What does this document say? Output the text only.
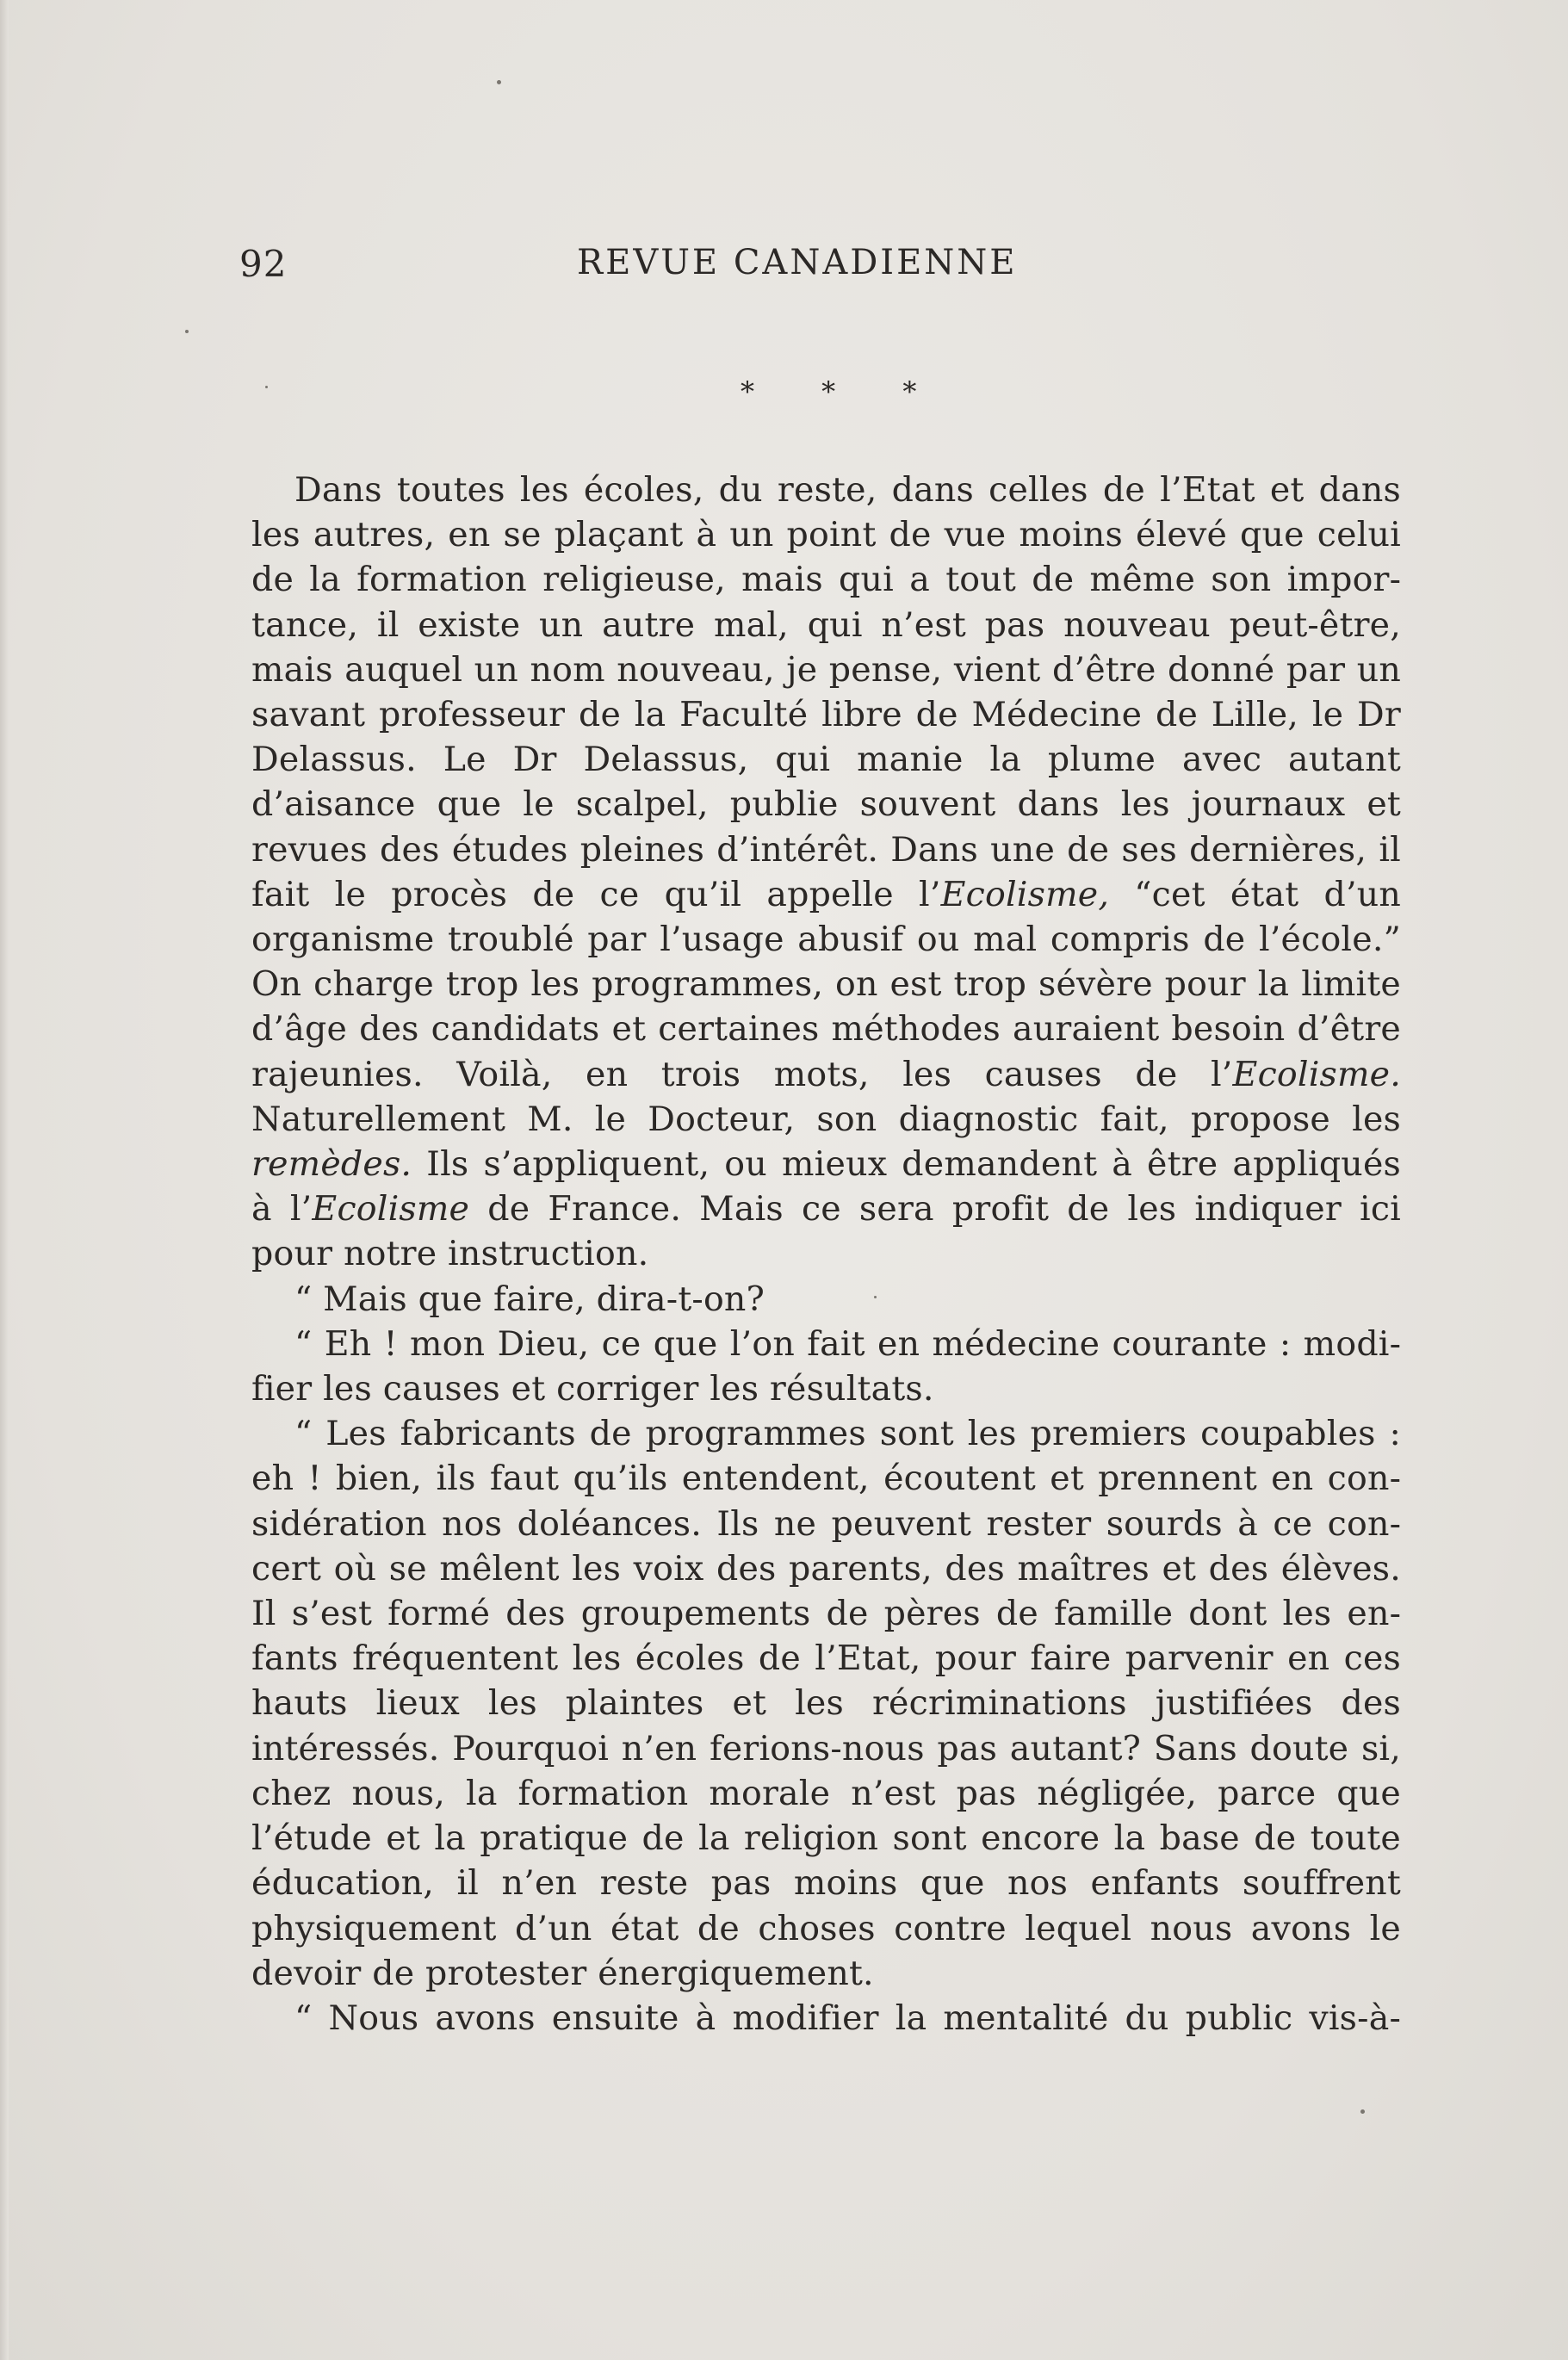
92	REVUE CANADIENNE
* * *

Dans toutes les écoles, du reste, dans celles de l’Etat et dans les autres, en se plaçant à un point de vue moins élevé que celui de la formation religieuse, mais qui a tout de même son importance, il existe un autre mal, qui n’est pas nouveau peut-être, mais auquel un nom nouveau, je pense, vient d’être donné par un savant professeur de la Faculté libre de Médecine de Lille, le Dr Delassus. Le Dr Delassus, qui manie la plume avec autant d’aisance que le scalpel, publie souvent dans les journaux et revues des études pleines d’intérêt. Dans une de ses dernières, il fait le procès de ce qu’il appelle l’Ecolisme, “cet état d’un organisme troublé par l’usage abusif ou mal compris de l’école.” On charge trop les programmes, on est trop sévère pour la limite d’âge des candidats et certaines méthodes auraient besoin d’être rajeunies. Voilà, en trois mots, les causes de l’Ecolisme. Naturellement M. le Docteur, son diagnostic fait, propose les remèdes. Ils s’appliquent, ou mieux demandent à être appliqués à l’Ecolisme de France. Mais ce sera profit de les indiquer ici pour notre instruction.

“ Mais que faire, dira-t-on?

“ Eh ! mon Dieu, ce que l’on fait en médecine courante : modifier les causes et corriger les résultats.

“ Les fabricants de programmes sont les premiers coupables : eh ! bien, ils faut qu’ils entendent, écoutent et prennent en considération nos doléances. Ils ne peuvent rester sourds à ce concert où se mêlent les voix des parents, des maîtres et des élèves. Il s’est formé des groupements de pères de famille dont les enfants fréquentent les écoles de l’Etat, pour faire parvenir en ces hauts lieux les plaintes et les récriminations justifiées des intéressés. Pourquoi n’en ferions-nous pas autant? Sans doute si, chez nous, la formation morale n’est pas négligée, parce que l’étude et la pratique de la religion sont encore la base de toute éducation, il n’en reste pas moins que nos enfants souffrent physiquement d’un état de choses contre lequel nous avons le devoir de protester énergiquement.

“ Nous avons ensuite à modifier la mentalité du public vis-à-
